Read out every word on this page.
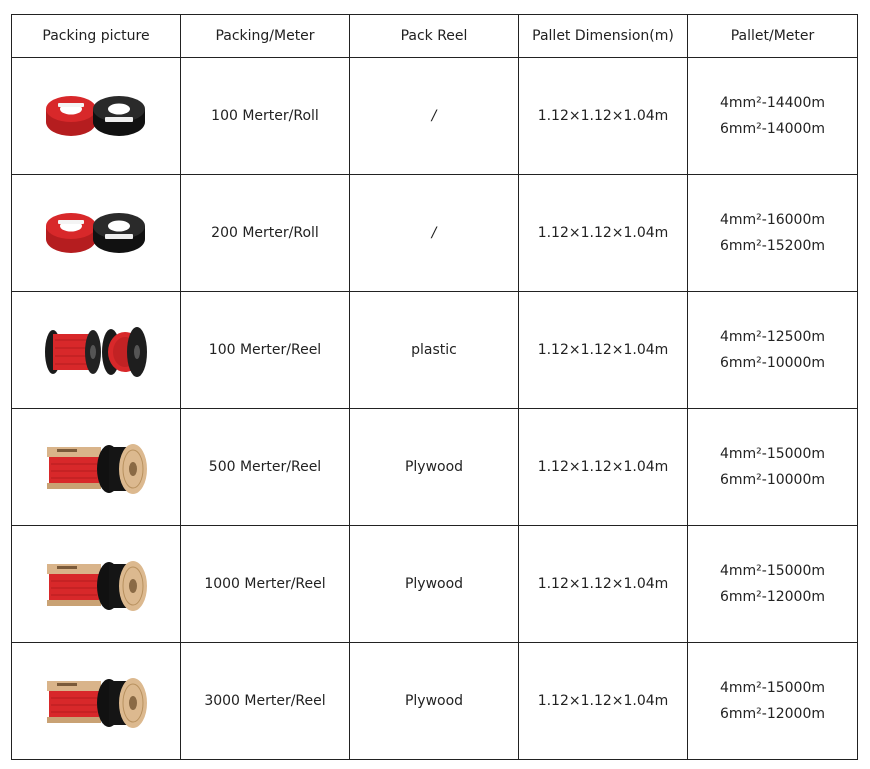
Packing picture	Packing/Meter	Pack Reel	Pallet Dimension(m)	Pallet/Meter

	100 Merter/Roll	/	1.12×1.12×1.04m	4mm²-14400m
6mm²-14000m

	200 Merter/Roll	/	1.12×1.12×1.04m	4mm²-16000m
6mm²-15200m

	100 Merter/Reel	plastic	1.12×1.12×1.04m	4mm²-12500m
6mm²-10000m

	500 Merter/Reel	Plywood	1.12×1.12×1.04m	4mm²-15000m
6mm²-10000m

	1000 Merter/Reel	Plywood	1.12×1.12×1.04m	4mm²-15000m
6mm²-12000m

	3000 Merter/Reel	Plywood	1.12×1.12×1.04m	4mm²-15000m
6mm²-12000m
